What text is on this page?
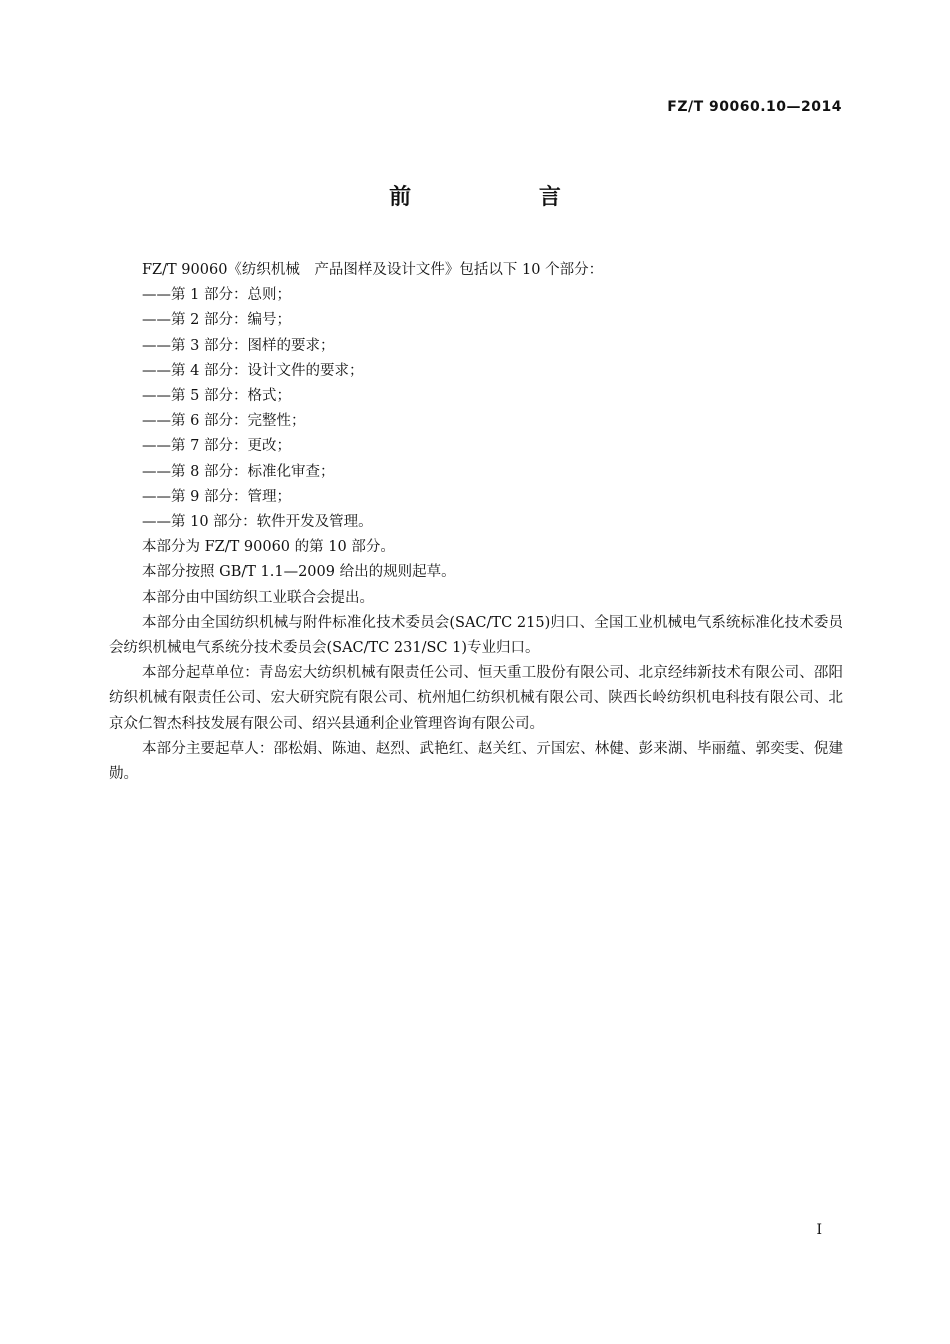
FZ/T 90060.10—2014
前 言

FZ/T 90060《纺织机械　产品图样及设计文件》包括以下 10 个部分：

——第 1 部分：总则；

——第 2 部分：编号；

——第 3 部分：图样的要求；

——第 4 部分：设计文件的要求；

——第 5 部分：格式；

——第 6 部分：完整性；

——第 7 部分：更改；

——第 8 部分：标准化审查；

——第 9 部分：管理；

——第 10 部分：软件开发及管理。

本部分为 FZ/T 90060 的第 10 部分。

本部分按照 GB/T 1.1—2009 给出的规则起草。

本部分由中国纺织工业联合会提出。

本部分由全国纺织机械与附件标准化技术委员会(SAC/TC 215)归口、全国工业机械电气系统标准化技术委员会纺织机械电气系统分技术委员会(SAC/TC 231/SC 1)专业归口。

本部分起草单位：青岛宏大纺织机械有限责任公司、恒天重工股份有限公司、北京经纬新技术有限公司、邵阳纺织机械有限责任公司、宏大研究院有限公司、杭州旭仁纺织机械有限公司、陕西长岭纺织机电科技有限公司、北京众仁智杰科技发展有限公司、绍兴县通利企业管理咨询有限公司。

本部分主要起草人：邵松娟、陈迪、赵烈、武艳红、赵关红、亓国宏、林健、彭来湖、毕丽蕴、郭奕雯、倪建勋。

I
